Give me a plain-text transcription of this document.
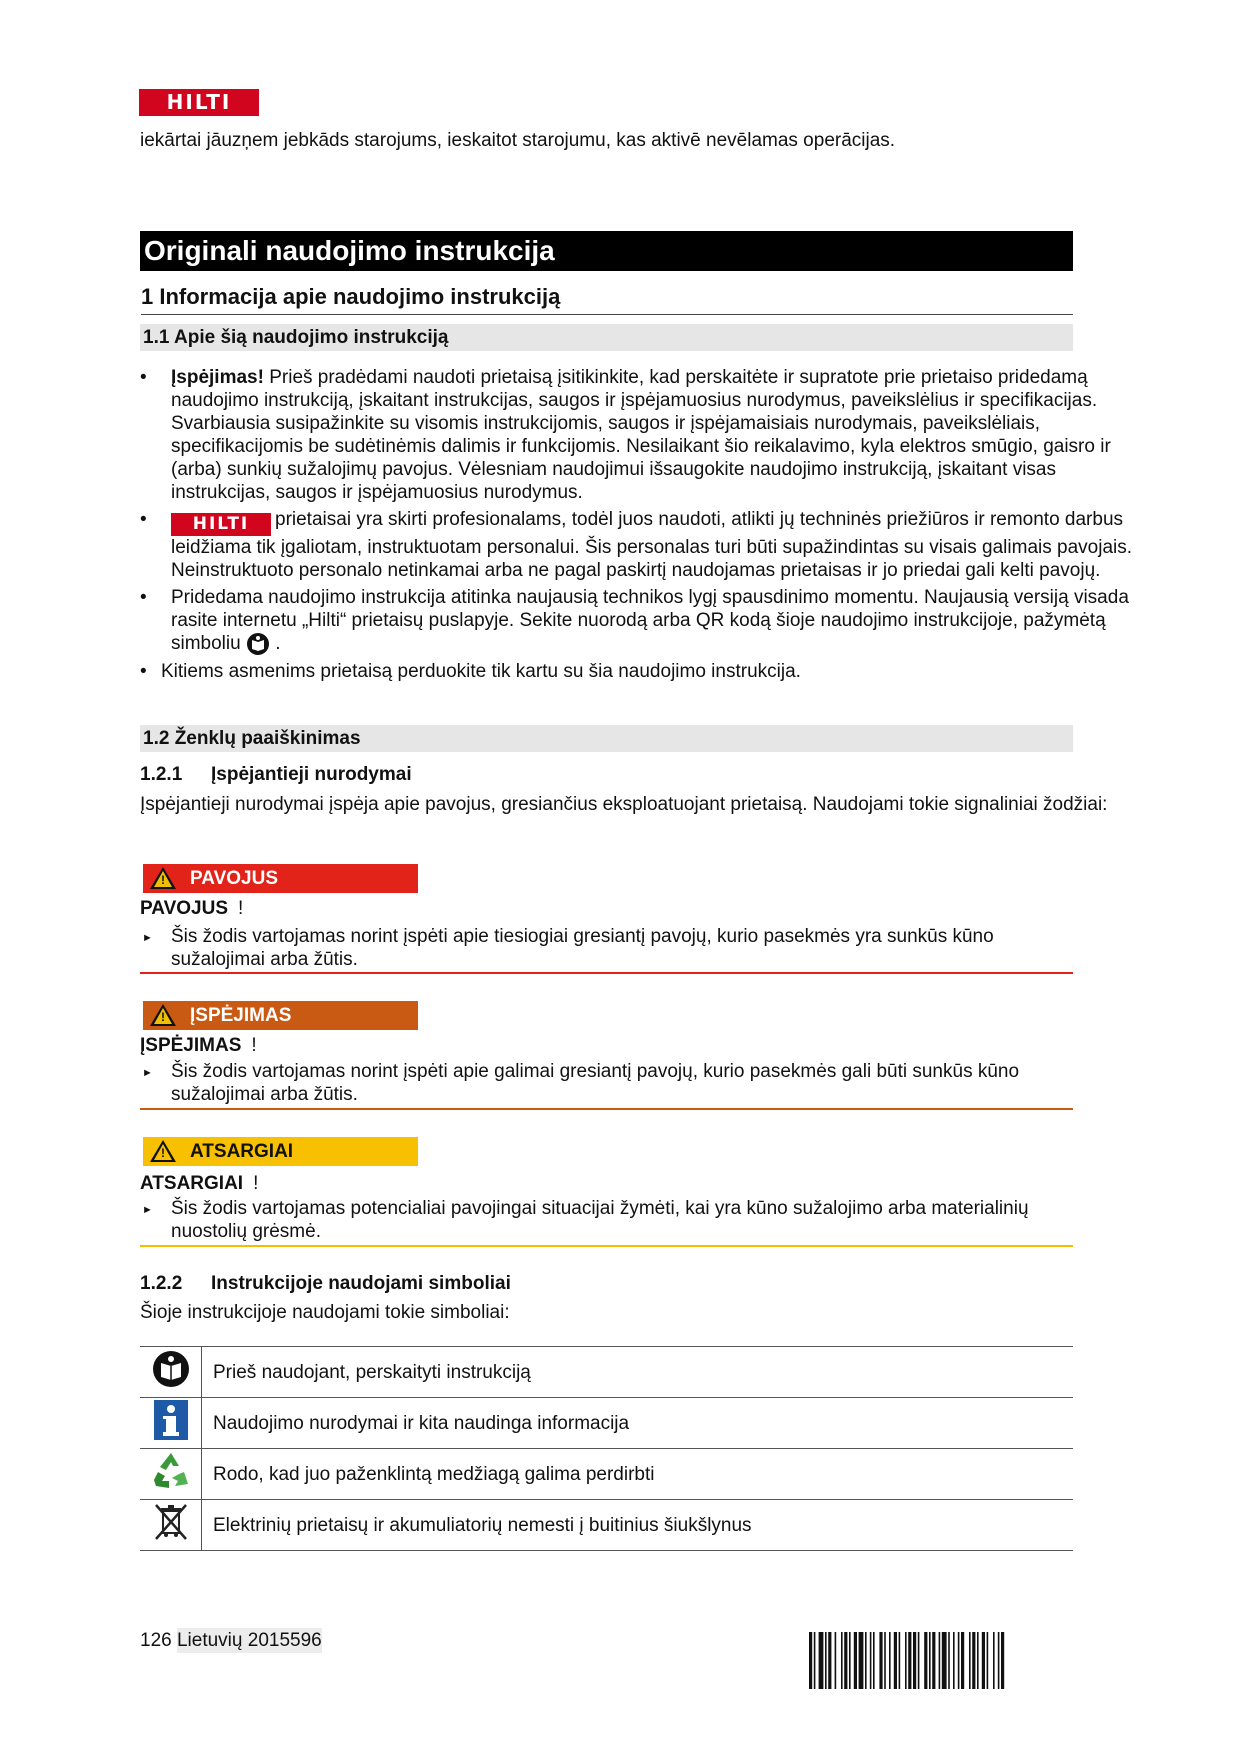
HILTI
iekārtai jāuzņem jebkāds starojums, ieskaitot starojumu, kas aktivē nevēlamas operācijas.
Originali naudojimo instrukcija
1 Informacija apie naudojimo instrukciją
1.1 Apie šią naudojimo instrukciją
• Įspėjimas! Prieš pradėdami naudoti prietaisą įsitikinkite, kad perskaitėte ir supratote prie prietaiso pridedamą naudojimo instrukciją, įskaitant instrukcijas, saugos ir įspėjamuosius nurodymus, paveikslėlius ir specifikacijas. Svarbiausia susipažinkite su visomis instrukcijomis, saugos ir įspėjamaisiais nurodymais, paveikslėliais, specifikacijomis be sudėtinėmis dalimis ir funkcijomis. Nesilaikant šio reikalavimo, kyla elektros smūgio, gaisro ir (arba) sunkių sužalojimų pavojus. Vėlesniam naudojimui išsaugokite naudojimo instrukciją, įskaitant visas instrukcijas, saugos ir įspėjamuosius nurodymus.
•	HILTI prietaisai yra skirti profesionalams, todėl juos naudoti, atlikti jų techninės priežiūros ir remonto darbus leidžiama tik įgaliotam, instruktuotam personalui. Šis personalas turi būti supažindintas su visais galimais pavojais. Neinstruktuoto personalo netinkamai arba ne pagal paskirtį naudojamas prietaisas ir jo priedai gali kelti pavojų.
• Pridedama naudojimo instrukcija atitinka naujausią technikos lygį spausdinimo momentu. Naujausią versiją visada rasite internetu „Hilti“ prietaisų puslapyje. Sekite nuorodą arba QR kodą šioje naudojimo instrukcijoje, pažymėtą simboliu .
• Kitiems asmenims prietaisą perduokite tik kartu su šia naudojimo instrukcija.
1.2 Ženklų paaiškinimas
1.2.1 Įspėjantieji nurodymai
Įspėjantieji nurodymai įspėja apie pavojus, gresiančius eksploatuojant prietaisą. Naudojami tokie signaliniai žodžiai:
! PAVOJUS
PAVOJUS !
► Šis žodis vartojamas norint įspėti apie tiesiogiai gresiantį pavojų, kurio pasekmės yra sunkūs kūno sužalojimai arba žūtis.
! ĮSPĖJIMAS
ĮSPĖJIMAS !
► Šis žodis vartojamas norint įspėti apie galimai gresiantį pavojų, kurio pasekmės gali būti sunkūs kūno sužalojimai arba žūtis.
! ATSARGIAI
ATSARGIAI !
► Šis žodis vartojamas potencialiai pavojingai situacijai žymėti, kai yra kūno sužalojimo arba materialinių nuostolių grėsmė.
1.2.2 Instrukcijoje naudojami simboliai
Šioje instrukcijoje naudojami tokie simboliai:
	Prieš naudojant, perskaityti instrukciją
	Naudojimo nurodymai ir kita naudinga informacija
	Rodo, kad juo paženklintą medžiagą galima perdirbti
	Elektrinių prietaisų ir akumuliatorių nemesti į buitinius šiukšlynus
126 Lietuvių 2015596
